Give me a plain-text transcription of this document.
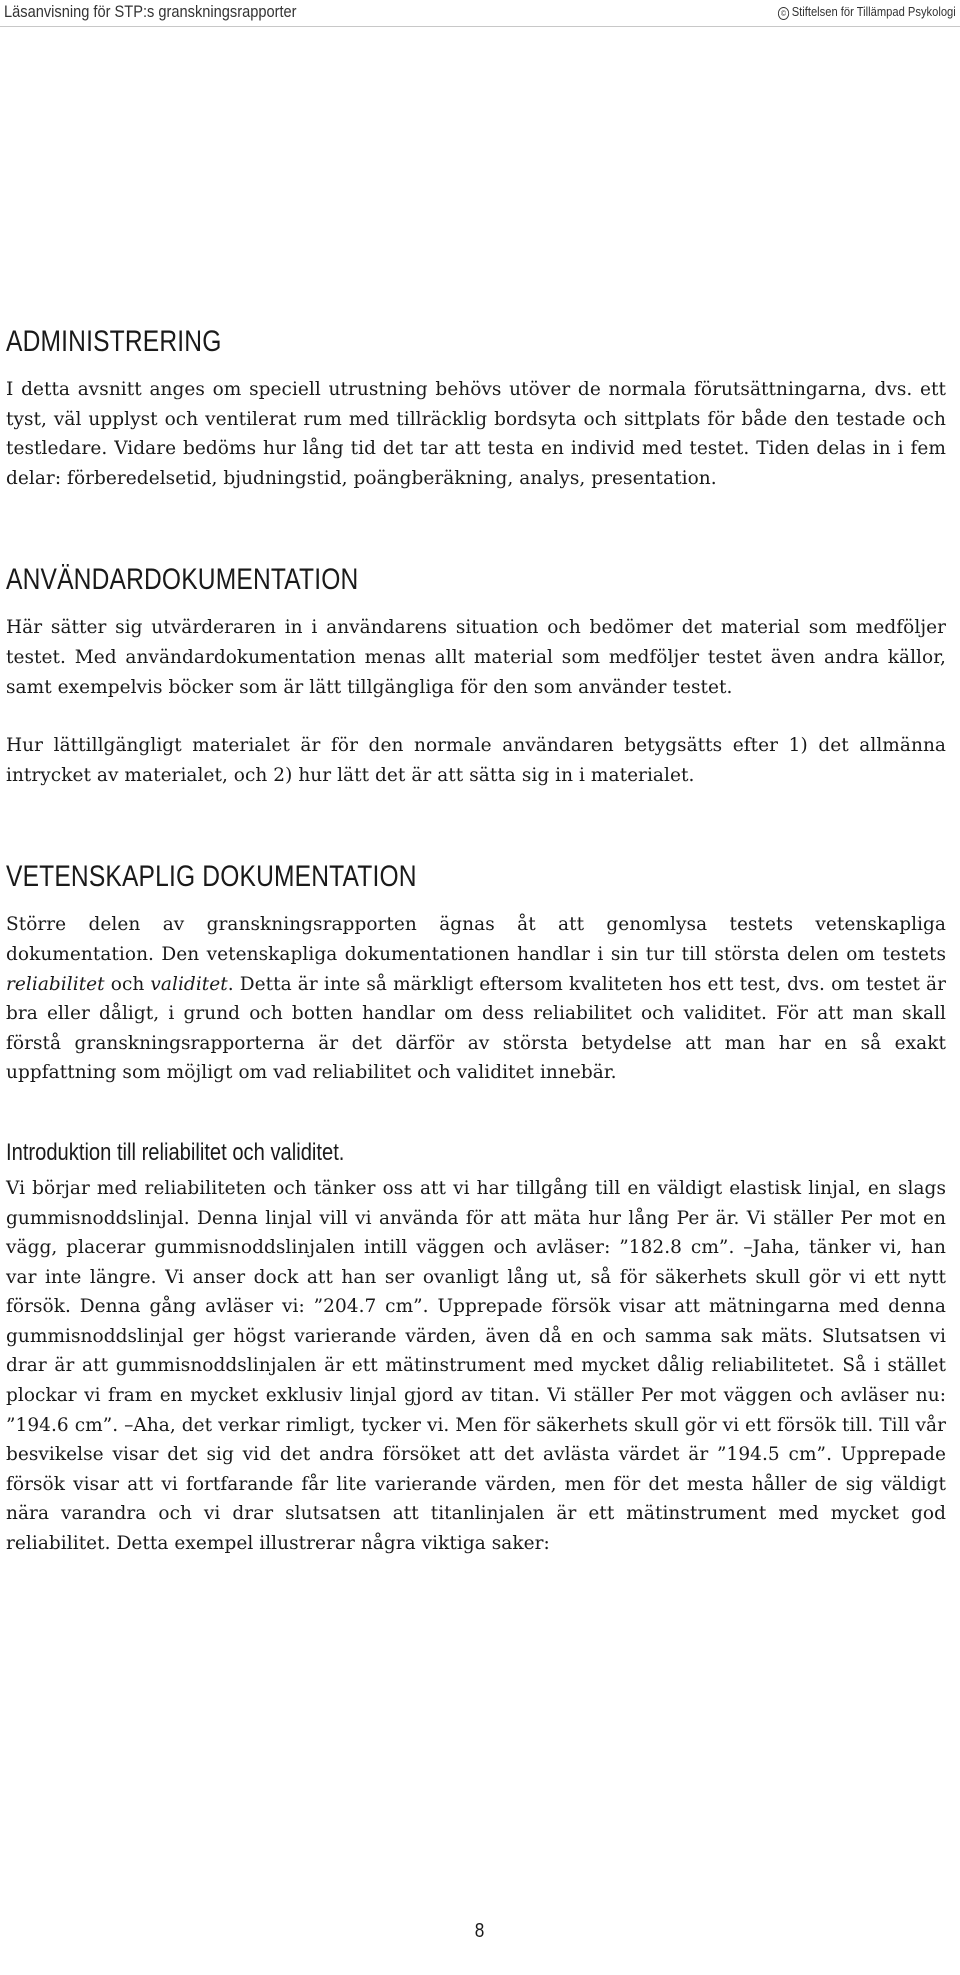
Läsanvisning för STP:s granskningsrapporter	© Stiftelsen för Tillämpad Psykologi
ADMINISTRERING

I detta avsnitt anges om speciell utrustning behövs utöver de normala förutsättningarna, dvs. ett tyst, väl upplyst och ventilerat rum med tillräcklig bordsyta och sittplats för både den testade och testledare. Vidare bedöms hur lång tid det tar att testa en individ med testet. Tiden delas in i fem delar: förberedelsetid, bjudningstid, poängberäkning, analys, presentation.

ANVÄNDARDOKUMENTATION

Här sätter sig utvärderaren in i användarens situation och bedömer det material som medföljer testet. Med användardokumentation menas allt material som medföljer testet även andra källor, samt exempelvis böcker som är lätt tillgängliga för den som använder testet.

Hur lättillgängligt materialet är för den normale användaren betygsätts efter 1) det allmänna intrycket av materialet, och 2) hur lätt det är att sätta sig in i materialet.

VETENSKAPLIG DOKUMENTATION

Större delen av granskningsrapporten ägnas åt att genomlysa testets vetenskapliga dokumentation. Den vetenskapliga dokumentationen handlar i sin tur till största delen om testets reliabilitet och validitet. Detta är inte så märkligt eftersom kvaliteten hos ett test, dvs. om testet är bra eller dåligt, i grund och botten handlar om dess reliabilitet och validitet. För att man skall förstå granskningsrapporterna är det därför av största betydelse att man har en så exakt uppfattning som möjligt om vad reliabilitet och validitet innebär.

Introduktion till reliabilitet och validitet.

Vi börjar med reliabiliteten och tänker oss att vi har tillgång till en väldigt elastisk linjal, en slags gummisnoddslinjal. Denna linjal vill vi använda för att mäta hur lång Per är. Vi ställer Per mot en vägg, placerar gummisnoddslinjalen intill väggen och avläser: ”182.8 cm”. –Jaha, tänker vi, han var inte längre. Vi anser dock att han ser ovanligt lång ut, så för säkerhets skull gör vi ett nytt försök. Denna gång avläser vi: ”204.7 cm”. Upprepade försök visar att mätningarna med denna gummisnoddslinjal ger högst varierande värden, även då en och samma sak mäts. Slutsatsen vi drar är att gummisnoddslinjalen är ett mätinstrument med mycket dålig reliabilitetet. Så i stället plockar vi fram en mycket exklusiv linjal gjord av titan. Vi ställer Per mot väggen och avläser nu: ”194.6 cm”. –Aha, det verkar rimligt, tycker vi. Men för säkerhets skull gör vi ett försök till. Till vår besvikelse visar det sig vid det andra försöket att det avlästa värdet är ”194.5 cm”. Upprepade försök visar att vi fortfarande får lite varierande värden, men för det mesta håller de sig väldigt nära varandra och vi drar slutsatsen att titanlinjalen är ett mätinstrument med mycket god reliabilitet. Detta exempel illustrerar några viktiga saker:

8
